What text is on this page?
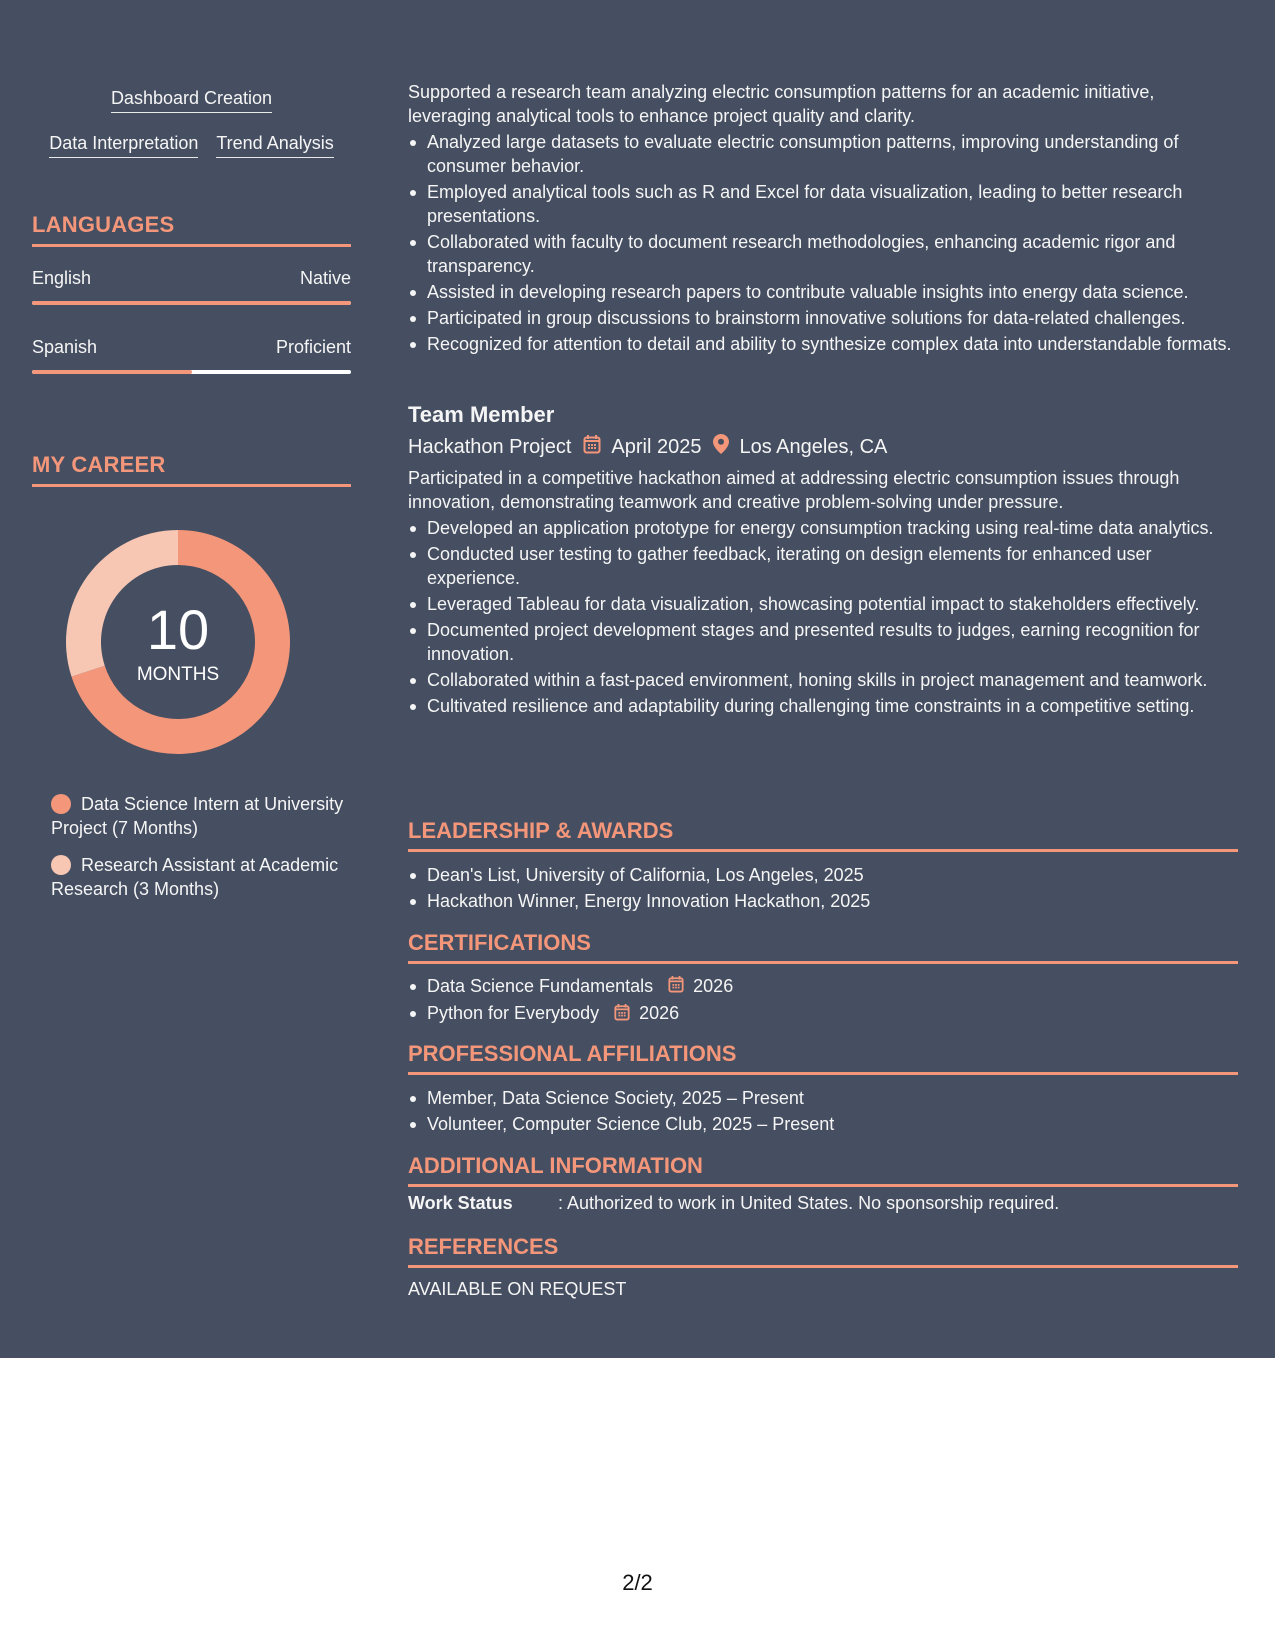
Dashboard Creation
Data Interpretation Trend Analysis
LANGUAGES
English	Native
Spanish	Proficient
MY CAREER
10
MONTHS
Data Science Intern at University Project (7 Months)
Research Assistant at Academic Research (3 Months)

Supported a research team analyzing electric consumption patterns for an academic initiative, leveraging analytical tools to enhance project quality and clarity.

Analyzed large datasets to evaluate electric consumption patterns, improving understanding of consumer behavior.
Employed analytical tools such as R and Excel for data visualization, leading to better research presentations.
Collaborated with faculty to document research methodologies, enhancing academic rigor and transparency.
Assisted in developing research papers to contribute valuable insights into energy data science.
Participated in group discussions to brainstorm innovative solutions for data-related challenges.
Recognized for attention to detail and ability to synthesize complex data into understandable formats.
Team Member
Hackathon Project April 2025 Los Angeles, CA

Participated in a competitive hackathon aimed at addressing electric consumption issues through innovation, demonstrating teamwork and creative problem-solving under pressure.

Developed an application prototype for energy consumption tracking using real-time data analytics.
Conducted user testing to gather feedback, iterating on design elements for enhanced user experience.
Leveraged Tableau for data visualization, showcasing potential impact to stakeholders effectively.
Documented project development stages and presented results to judges, earning recognition for innovation.
Collaborated within a fast-paced environment, honing skills in project management and teamwork.
Cultivated resilience and adaptability during challenging time constraints in a competitive setting.
LEADERSHIP & AWARDS
Dean's List, University of California, Los Angeles, 2025
Hackathon Winner, Energy Innovation Hackathon, 2025
CERTIFICATIONS
Data Science Fundamentals 2026
Python for Everybody 2026
PROFESSIONAL AFFILIATIONS
Member, Data Science Society, 2025 – Present
Volunteer, Computer Science Club, 2025 – Present
ADDITIONAL INFORMATION
Work Status	: Authorized to work in United States. No sponsorship required.
REFERENCES
AVAILABLE ON REQUEST
2/2
